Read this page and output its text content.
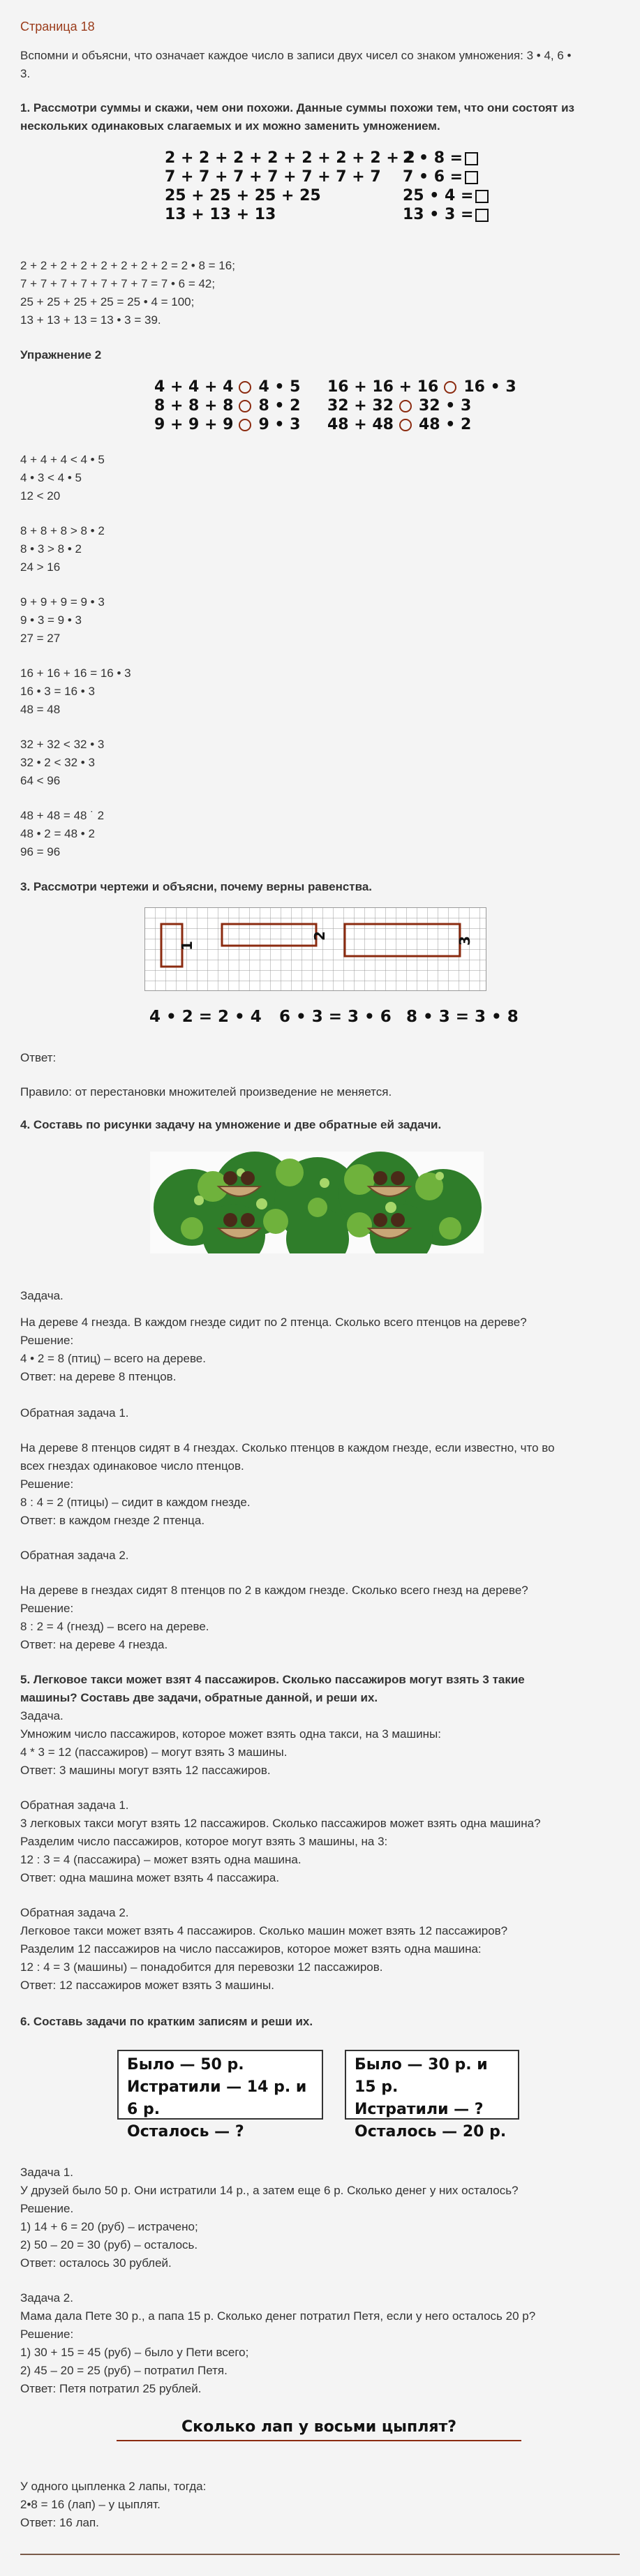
Страница 18
Вспомни и объясни, что означает каждое число в записи двух чисел со знаком умножения: 3 • 4, 6 •
3.
1. Рассмотри суммы и скажи, чем они похожи. Данные суммы похожи тем, что они состоят из
нескольких одинаковых слагаемых и их можно заменить умножением.
2 + 2 + 2 + 2 + 2 + 2 + 2 + 2
7 + 7 + 7 + 7 + 7 + 7 + 7
25 + 25 + 25 + 25
13 + 13 + 13
2 • 8 =
7 • 6 =
25 • 4 =
13 • 3 =
2 + 2 + 2 + 2 + 2 + 2 + 2 + 2 = 2 • 8 = 16;
7 + 7 + 7 + 7 + 7 + 7 + 7 = 7 • 6 = 42;
25 + 25 + 25 + 25 = 25 • 4 = 100;
13 + 13 + 13 = 13 • 3 = 39.
Упражнение 2
4 + 4 + 4 4 • 5
8 + 8 + 8 8 • 2
9 + 9 + 9 9 • 3
16 + 16 + 16 16 • 3
32 + 32 32 • 3
48 + 48 48 • 2
4 + 4 + 4 < 4 • 5
4 • 3 < 4 • 5
12 < 20
8 + 8 + 8 > 8 • 2
8 • 3 > 8 • 2
24 > 16
9 + 9 + 9 = 9 • 3
9 • 3 = 9 • 3
27 = 27
16 + 16 + 16 = 16 • 3
16 • 3 = 16 • 3
48 = 48
32 + 32 < 32 • 3
32 • 2 < 32 • 3
64 < 96
48 + 48 = 48 ˙ 2
48 • 2 = 48 • 2
96 = 96
3. Рассмотри чертежи и объясни, почему верны равенства.
1
2
3
4 • 2 = 2 • 4 6 • 3 = 3 • 6 8 • 3 = 3 • 8
Ответ:
Правило: от перестановки множителей произведение не меняется.
4. Составь по рисунки задачу на умножение и две обратные ей задачи.
Задача.
На дереве 4 гнезда. В каждом гнезде сидит по 2 птенца. Сколько всего птенцов на дереве?
Решение:
4 • 2 = 8 (птиц) – всего на дереве.
Ответ: на дереве 8 птенцов.
Обратная задача 1.
На дереве 8 птенцов сидят в 4 гнездах. Сколько птенцов в каждом гнезде, если известно, что во
всех гнездах одинаковое число птенцов.
Решение:
8 : 4 = 2 (птицы) – сидит в каждом гнезде.
Ответ: в каждом гнезде 2 птенца.
Обратная задача 2.
На дереве в гнездах сидят 8 птенцов по 2 в каждом гнезде. Сколько всего гнезд на дереве?
Решение:
8 : 2 = 4 (гнезд) – всего на дереве.
Ответ: на дереве 4 гнезда.
5. Легковое такси может взят 4 пассажиров. Сколько пассажиров могут взять 3 такие
машины? Составь две задачи, обратные данной, и реши их.
Задача.
Умножим число пассажиров, которое может взять одна такси, на 3 машины:
4 * 3 = 12 (пассажиров) – могут взять 3 машины.
Ответ: 3 машины могут взять 12 пассажиров.
Обратная задача 1.
3 легковых такси могут взять 12 пассажиров. Сколько пассажиров может взять одна машина?
Разделим число пассажиров, которое могут взять 3 машины, на 3:
12 : 3 = 4 (пассажира) – может взять одна машина.
Ответ: одна машина может взять 4 пассажира.
Обратная задача 2.
Легковое такси может взять 4 пассажиров. Сколько машин может взять 12 пассажиров?
Разделим 12 пассажиров на число пассажиров, которое может взять одна машина:
12 : 4 = 3 (машины) – понадобится для перевозки 12 пассажиров.
Ответ: 12 пассажиров может взять 3 машины.
6. Составь задачи по кратким записям и реши их.
Было — 50 р.
Истратили — 14 р. и 6 р.
Осталось — ?
Было — 30 р. и 15 р.
Истратили — ?
Осталось — 20 р.
Задача 1.
У друзей было 50 р. Они истратили 14 р., а затем еще 6 р. Сколько денег у них осталось?
Решение.
1) 14 + 6 = 20 (руб) – истрачено;
2) 50 – 20 = 30 (руб) – осталось.
Ответ: осталось 30 рублей.
Задача 2.
Мама дала Пете 30 р., а папа 15 р. Сколько денег потратил Петя, если у него осталось 20 р?
Решение:
1) 30 + 15 = 45 (руб) – было у Пети всего;
2) 45 – 20 = 25 (руб) – потратил Петя.
Ответ: Петя потратил 25 рублей.
Сколько лап у восьми цыплят?
У одного цыпленка 2 лапы, тогда:
2•8 = 16 (лап) – у цыплят.
Ответ: 16 лап.
